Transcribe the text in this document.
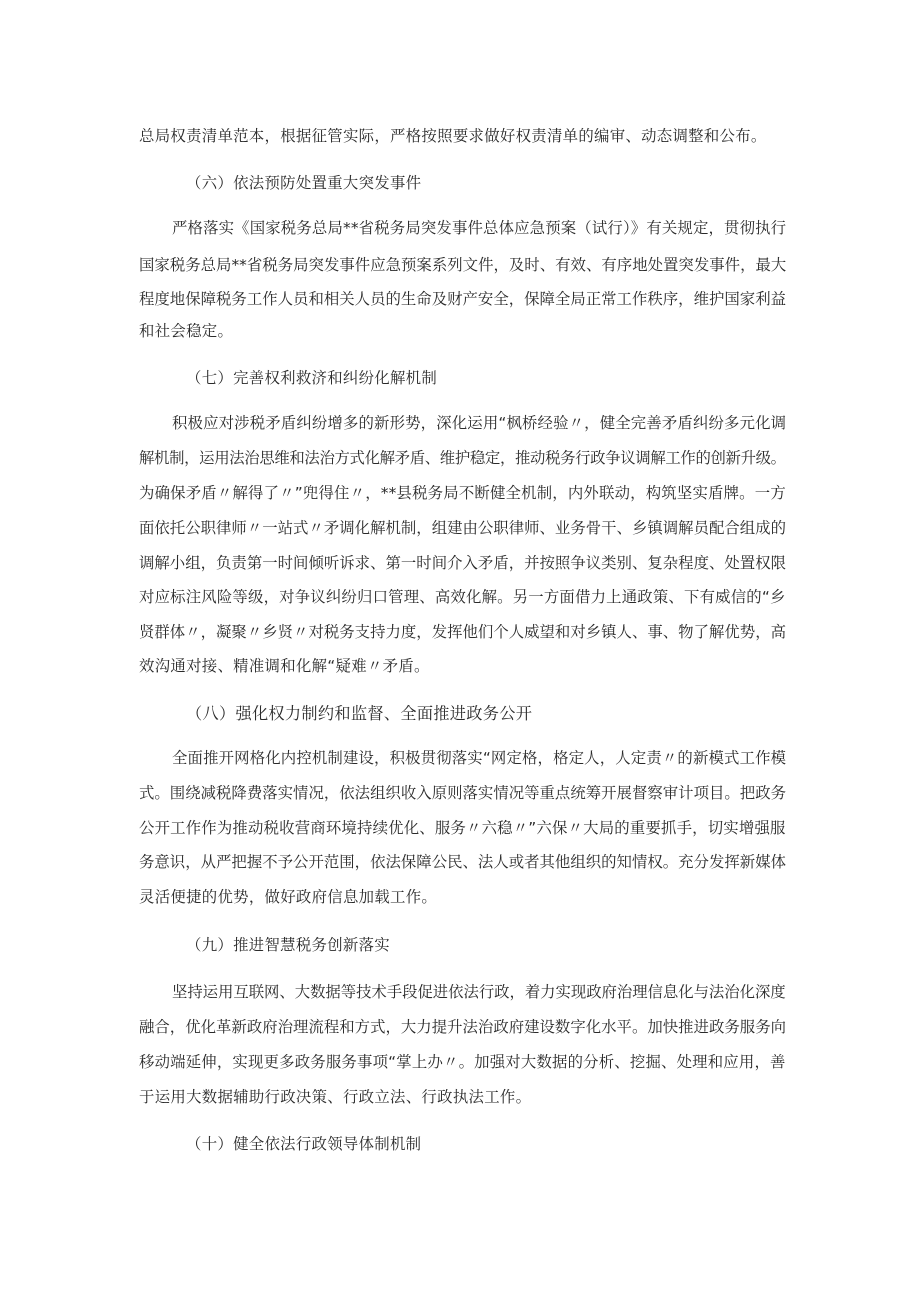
总局权责清单范本，根据征管实际，严格按照要求做好权责清单的编审、动态调整和公布。
（六）依法预防处置重大突发事件
严格落实《国家税务总局**省税务局突发事件总体应急预案（试行）》有关规定，贯彻执行
国家税务总局**省税务局突发事件应急预案系列文件，及时、有效、有序地处置突发事件，最大
程度地保障税务工作人员和相关人员的生命及财产安全，保障全局正常工作秩序，维护国家利益
和社会稳定。
（七）完善权利救济和纠纷化解机制
积极应对涉税矛盾纠纷增多的新形势，深化运用“枫桥经验〃，健全完善矛盾纠纷多元化调
解机制，运用法治思维和法治方式化解矛盾、维护稳定，推动税务行政争议调解工作的创新升级。
为确保矛盾〃解得了〃”兜得住〃，**县税务局不断健全机制，内外联动，构筑坚实盾牌。一方
面依托公职律师〃一站式〃矛调化解机制，组建由公职律师、业务骨干、乡镇调解员配合组成的
调解小组，负责第一时间倾听诉求、第一时间介入矛盾，并按照争议类别、复杂程度、处置权限
对应标注风险等级，对争议纠纷归口管理、高效化解。另一方面借力上通政策、下有威信的“乡
贤群体〃，凝聚〃乡贤〃对税务支持力度，发挥他们个人威望和对乡镇人、事、物了解优势，高
效沟通对接、精准调和化解“疑难〃矛盾。
（八）强化权力制约和监督、全面推进政务公开
全面推开网格化内控机制建设，积极贯彻落实“网定格，格定人，人定责〃的新模式工作模
式。围绕减税降费落实情况，依法组织收入原则落实情况等重点统筹开展督察审计项目。把政务
公开工作作为推动税收营商环境持续优化、服务〃六稳〃”六保〃大局的重要抓手，切实增强服
务意识，从严把握不予公开范围，依法保障公民、法人或者其他组织的知情权。充分发挥新媒体
灵活便捷的优势，做好政府信息加载工作。
（九）推进智慧税务创新落实
坚持运用互联网、大数据等技术手段促进依法行政，着力实现政府治理信息化与法治化深度
融合，优化革新政府治理流程和方式，大力提升法治政府建设数字化水平。加快推进政务服务向
移动端延伸，实现更多政务服务事项“掌上办〃。加强对大数据的分析、挖掘、处理和应用，善
于运用大数据辅助行政决策、行政立法、行政执法工作。
（十）健全依法行政领导体制机制
